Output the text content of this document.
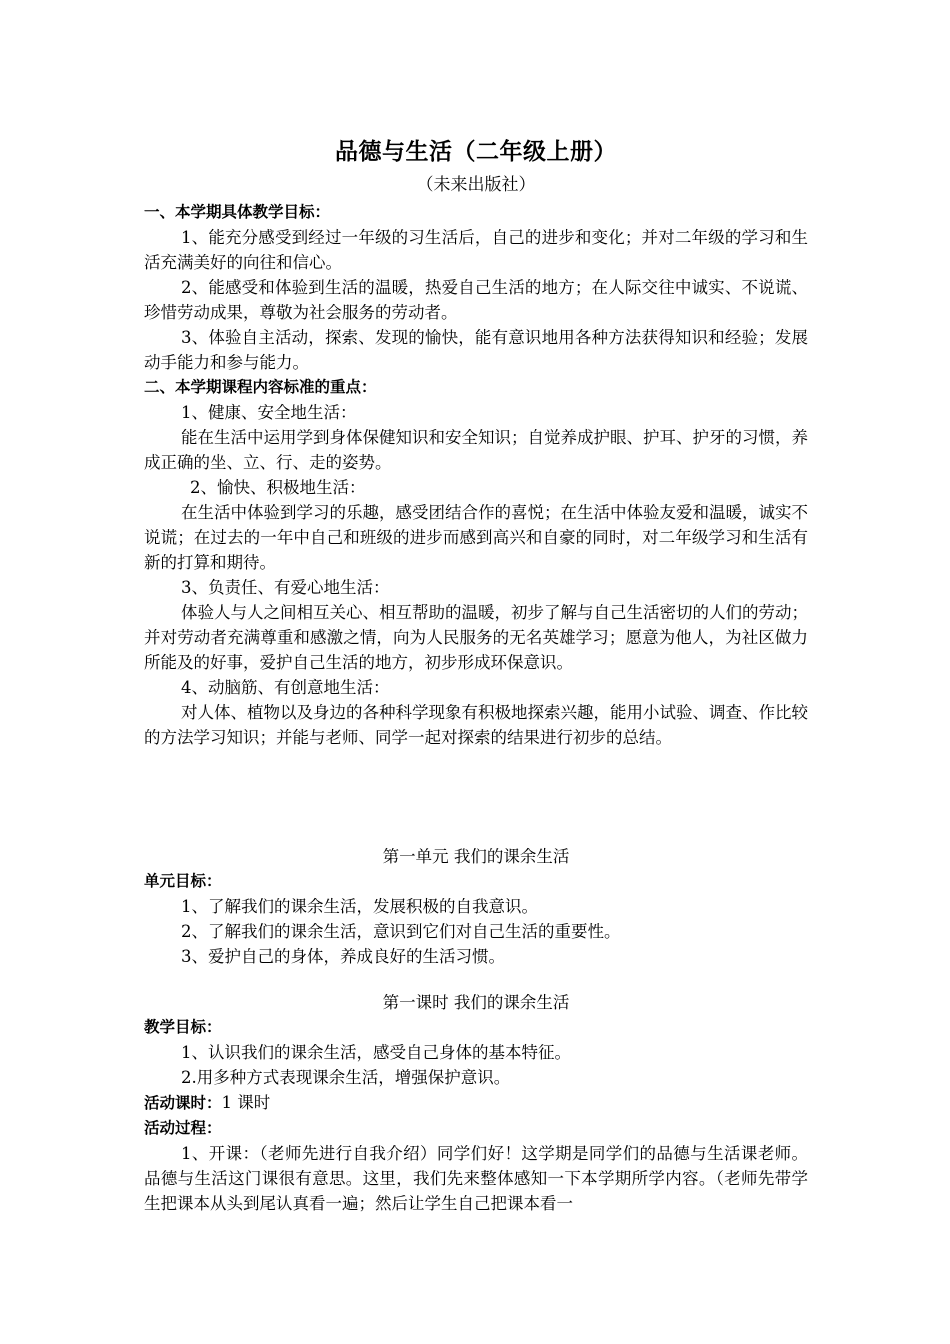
品德与生活（二年级上册）
（未来出版社）

一、本学期具体教学目标：

1、能充分感受到经过一年级的习生活后，自己的进步和变化；并对二年级的学习和生活充满美好的向往和信心。

2、能感受和体验到生活的温暖，热爱自己生活的地方；在人际交往中诚实、不说谎、珍惜劳动成果，尊敬为社会服务的劳动者。

3、体验自主活动，探索、发现的愉快，能有意识地用各种方法获得知识和经验；发展动手能力和参与能力。

二、本学期课程内容标准的重点：

1、健康、安全地生活：

能在生活中运用学到身体保健知识和安全知识；自觉养成护眼、护耳、护牙的习惯，养成正确的坐、立、行、走的姿势。

2、愉快、积极地生活：

在生活中体验到学习的乐趣，感受团结合作的喜悦；在生活中体验友爱和温暖，诚实不说谎；在过去的一年中自己和班级的进步而感到高兴和自豪的同时，对二年级学习和生活有新的打算和期待。

3、负责任、有爱心地生活：

体验人与人之间相互关心、相互帮助的温暖，初步了解与自己生活密切的人们的劳动；并对劳动者充满尊重和感激之情，向为人民服务的无名英雄学习；愿意为他人，为社区做力所能及的好事，爱护自己生活的地方，初步形成环保意识。

4、动脑筋、有创意地生活：

对人体、植物以及身边的各种科学现象有积极地探索兴趣，能用小试验、调查、作比较的方法学习知识；并能与老师、同学一起对探索的结果进行初步的总结。

第一单元 我们的课余生活

单元目标：

1、了解我们的课余生活，发展积极的自我意识。

2、了解我们的课余生活，意识到它们对自己生活的重要性。

3、爱护自己的身体，养成良好的生活习惯。

第一课时 我们的课余生活

教学目标：

1、认识我们的课余生活，感受自己身体的基本特征。

2.用多种方式表现课余生活，增强保护意识。

活动课时：1 课时

活动过程：

1、开课：（老师先进行自我介绍）同学们好！这学期是同学们的品德与生活课老师。品德与生活这门课很有意思。这里，我们先来整体感知一下本学期所学内容。（老师先带学生把课本从头到尾认真看一遍；然后让学生自己把课本看一
